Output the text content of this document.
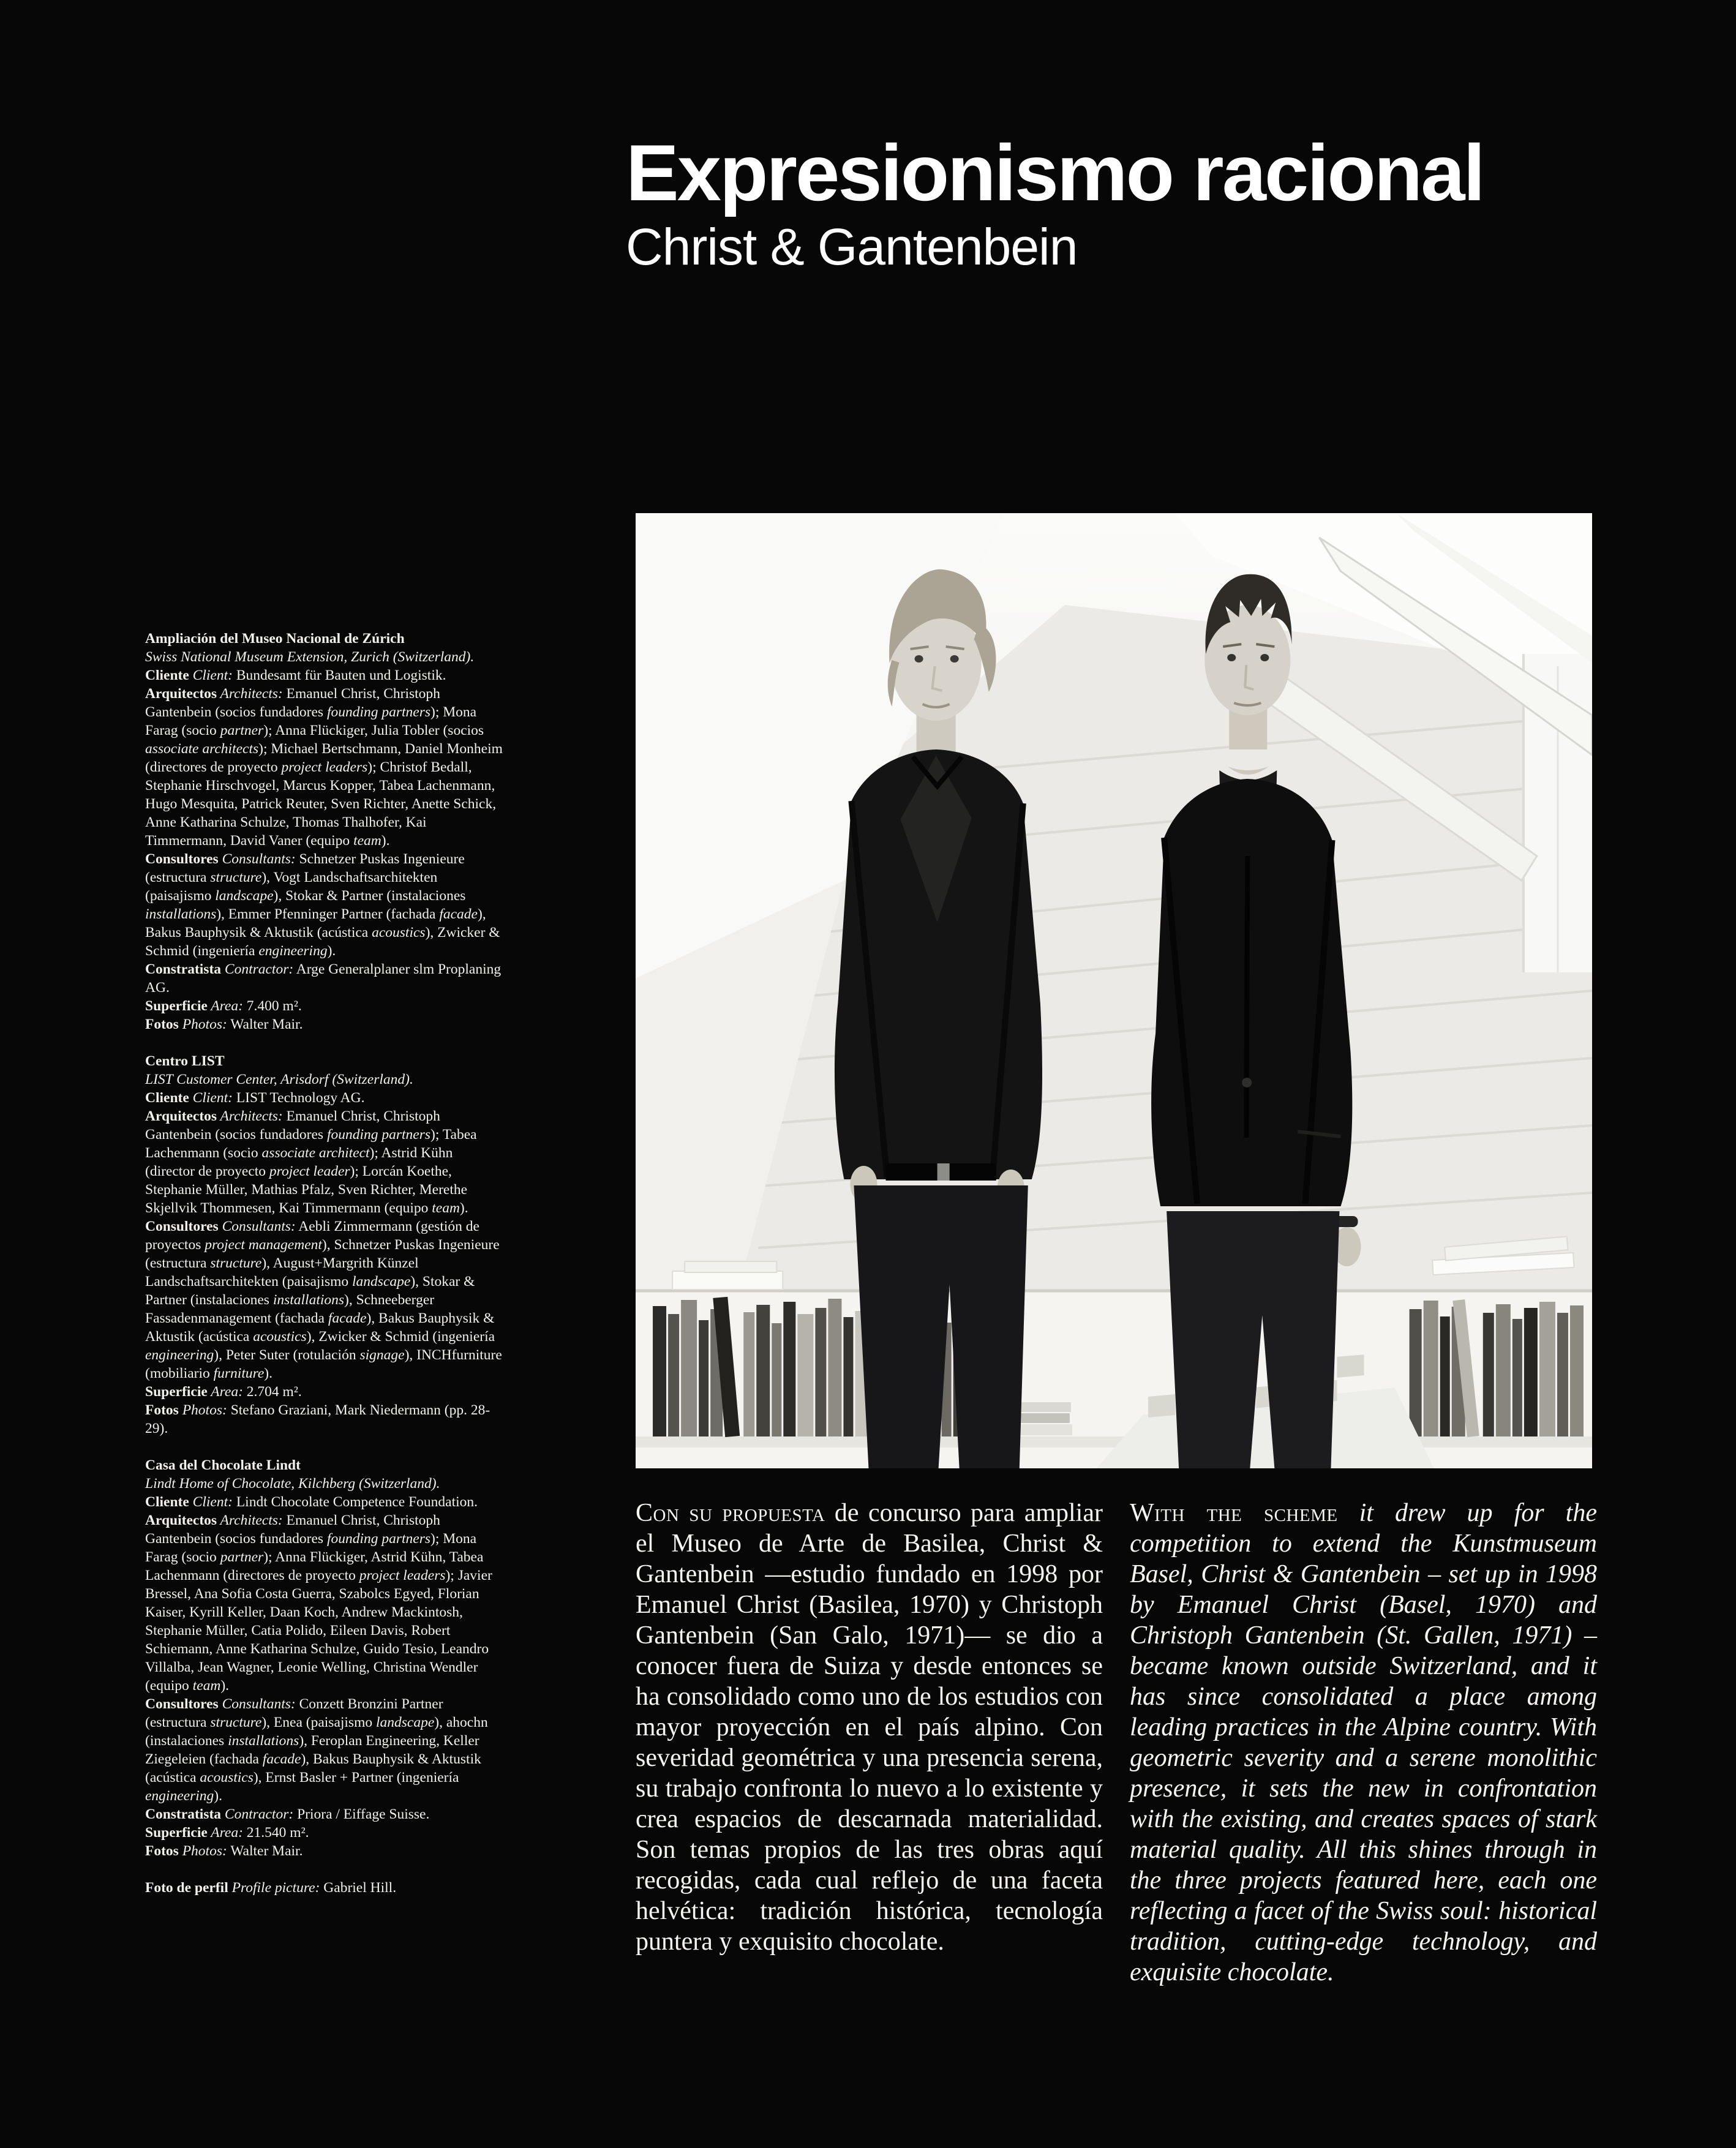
Expresionismo racional
Christ & Gantenbein

Ampliación del Museo Nacional de Zúrich

Swiss National Museum Extension, Zurich (Switzerland).

Cliente Client: Bundesamt für Bauten und Logistik.

Arquitectos Architects: Emanuel Christ, Christoph Gantenbein (socios fundadores founding partners); Mona Farag (socio partner); Anna Flückiger, Julia Tobler (socios associate architects); Michael Bertschmann, Daniel Monheim (directores de proyecto project leaders); Christof Bedall, Stephanie Hirschvogel, Marcus Kopper, Tabea Lachenmann, Hugo Mesquita, Patrick Reuter, Sven Richter, Anette Schick, Anne Katharina Schulze, Thomas Thalhofer, Kai Timmermann, David Vaner (equipo team).

Consultores Consultants: Schnetzer Puskas Ingenieure (estructura structure), Vogt Landschaftsarchitekten (paisajismo landscape), Stokar & Partner (instalaciones installations), Emmer Pfenninger Partner (fachada facade), Bakus Bauphysik & Aktustik (acústica acoustics), Zwicker & Schmid (ingeniería engineering).

Constratista Contractor: Arge Generalplaner slm Proplaning AG.

Superficie Area: 7.400 m².

Fotos Photos: Walter Mair.

Centro LIST

LIST Customer Center, Arisdorf (Switzerland).

Cliente Client: LIST Technology AG.

Arquitectos Architects: Emanuel Christ, Christoph Gantenbein (socios fundadores founding partners); Tabea Lachenmann (socio associate architect); Astrid Kühn (director de proyecto project leader); Lorcán Koethe, Stephanie Müller, Mathias Pfalz, Sven Richter, Merethe Skjellvik Thommesen, Kai Timmermann (equipo team).

Consultores Consultants: Aebli Zimmermann (gestión de proyectos project management), Schnetzer Puskas Ingenieure (estructura structure), August+Margrith Künzel Landschaftsarchitekten (paisajismo landscape), Stokar & Partner (instalaciones installations), Schneeberger Fassadenmanagement (fachada facade), Bakus Bauphysik & Aktustik (acústica acoustics), Zwicker & Schmid (ingeniería engineering), Peter Suter (rotulación signage), INCHfurniture (mobiliario furniture).

Superficie Area: 2.704 m².

Fotos Photos: Stefano Graziani, Mark Niedermann (pp. 28-29).

Casa del Chocolate Lindt

Lindt Home of Chocolate, Kilchberg (Switzerland).

Cliente Client: Lindt Chocolate Competence Foundation.

Arquitectos Architects: Emanuel Christ, Christoph Gantenbein (socios fundadores founding partners); Mona Farag (socio partner); Anna Flückiger, Astrid Kühn, Tabea Lachenmann (directores de proyecto project leaders); Javier Bressel, Ana Sofia Costa Guerra, Szabolcs Egyed, Florian Kaiser, Kyrill Keller, Daan Koch, Andrew Mackintosh, Stephanie Müller, Catia Polido, Eileen Davis, Robert Schiemann, Anne Katharina Schulze, Guido Tesio, Leandro Villalba, Jean Wagner, Leonie Welling, Christina Wendler (equipo team).

Consultores Consultants: Conzett Bronzini Partner (estructura structure), Enea (paisajismo landscape), ahochn (instalaciones installations), Feroplan Engineering, Keller Ziegeleien (fachada facade), Bakus Bauphysik & Aktustik (acústica acoustics), Ernst Basler + Partner (ingeniería engineering).

Constratista Contractor: Priora / Eiffage Suisse.

Superficie Area: 21.540 m².

Fotos Photos: Walter Mair.

Foto de perfil Profile picture: Gabriel Hill.

Con su propuesta de concurso para ampliar el Museo de Arte de Basilea, Christ & Gantenbein —estudio fundado en 1998 por Emanuel Christ (Basilea, 1970) y Christoph Gantenbein (San Galo, 1971)— se dio a conocer fuera de Suiza y desde entonces se ha consolidado como uno de los estudios con mayor proyección en el país alpino. Con severidad geométrica y una presencia serena, su trabajo confronta lo nuevo a lo existente y crea espacios de descarnada materialidad. Son temas propios de las tres obras aquí recogidas, cada cual reflejo de una faceta helvética: tradición histórica, tecnología puntera y exquisito chocolate.

With the scheme it drew up for the competition to extend the Kunstmuseum Basel, Christ & Gantenbein – set up in 1998 by Emanuel Christ (Basel, 1970) and Christoph Gantenbein (St. Gallen, 1971) – became known outside Switzerland, and it has since consolidated a place among leading practices in the Alpine country. With geometric severity and a serene monolithic presence, it sets the new in confrontation with the existing, and creates spaces of stark material quality. All this shines through in the three projects featured here, each one reflecting a facet of the Swiss soul: historical tradition, cutting-edge technology, and exquisite chocolate.
